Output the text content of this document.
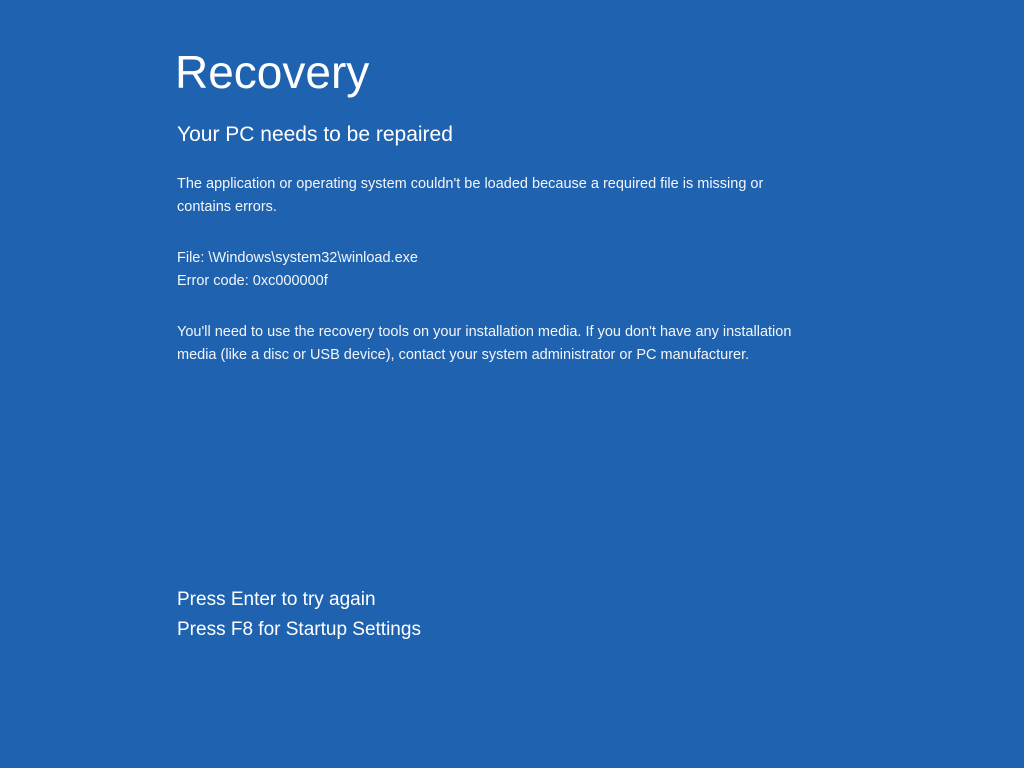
Recovery
Your PC needs to be repaired
The application or operating system couldn't be loaded because a required file is missing or contains errors.
File: \Windows\system32\winload.exe
Error code: 0xc000000f
You'll need to use the recovery tools on your installation media. If you don't have any installation media (like a disc or USB device), contact your system administrator or PC manufacturer.
Press Enter to try again
Press F8 for Startup Settings
